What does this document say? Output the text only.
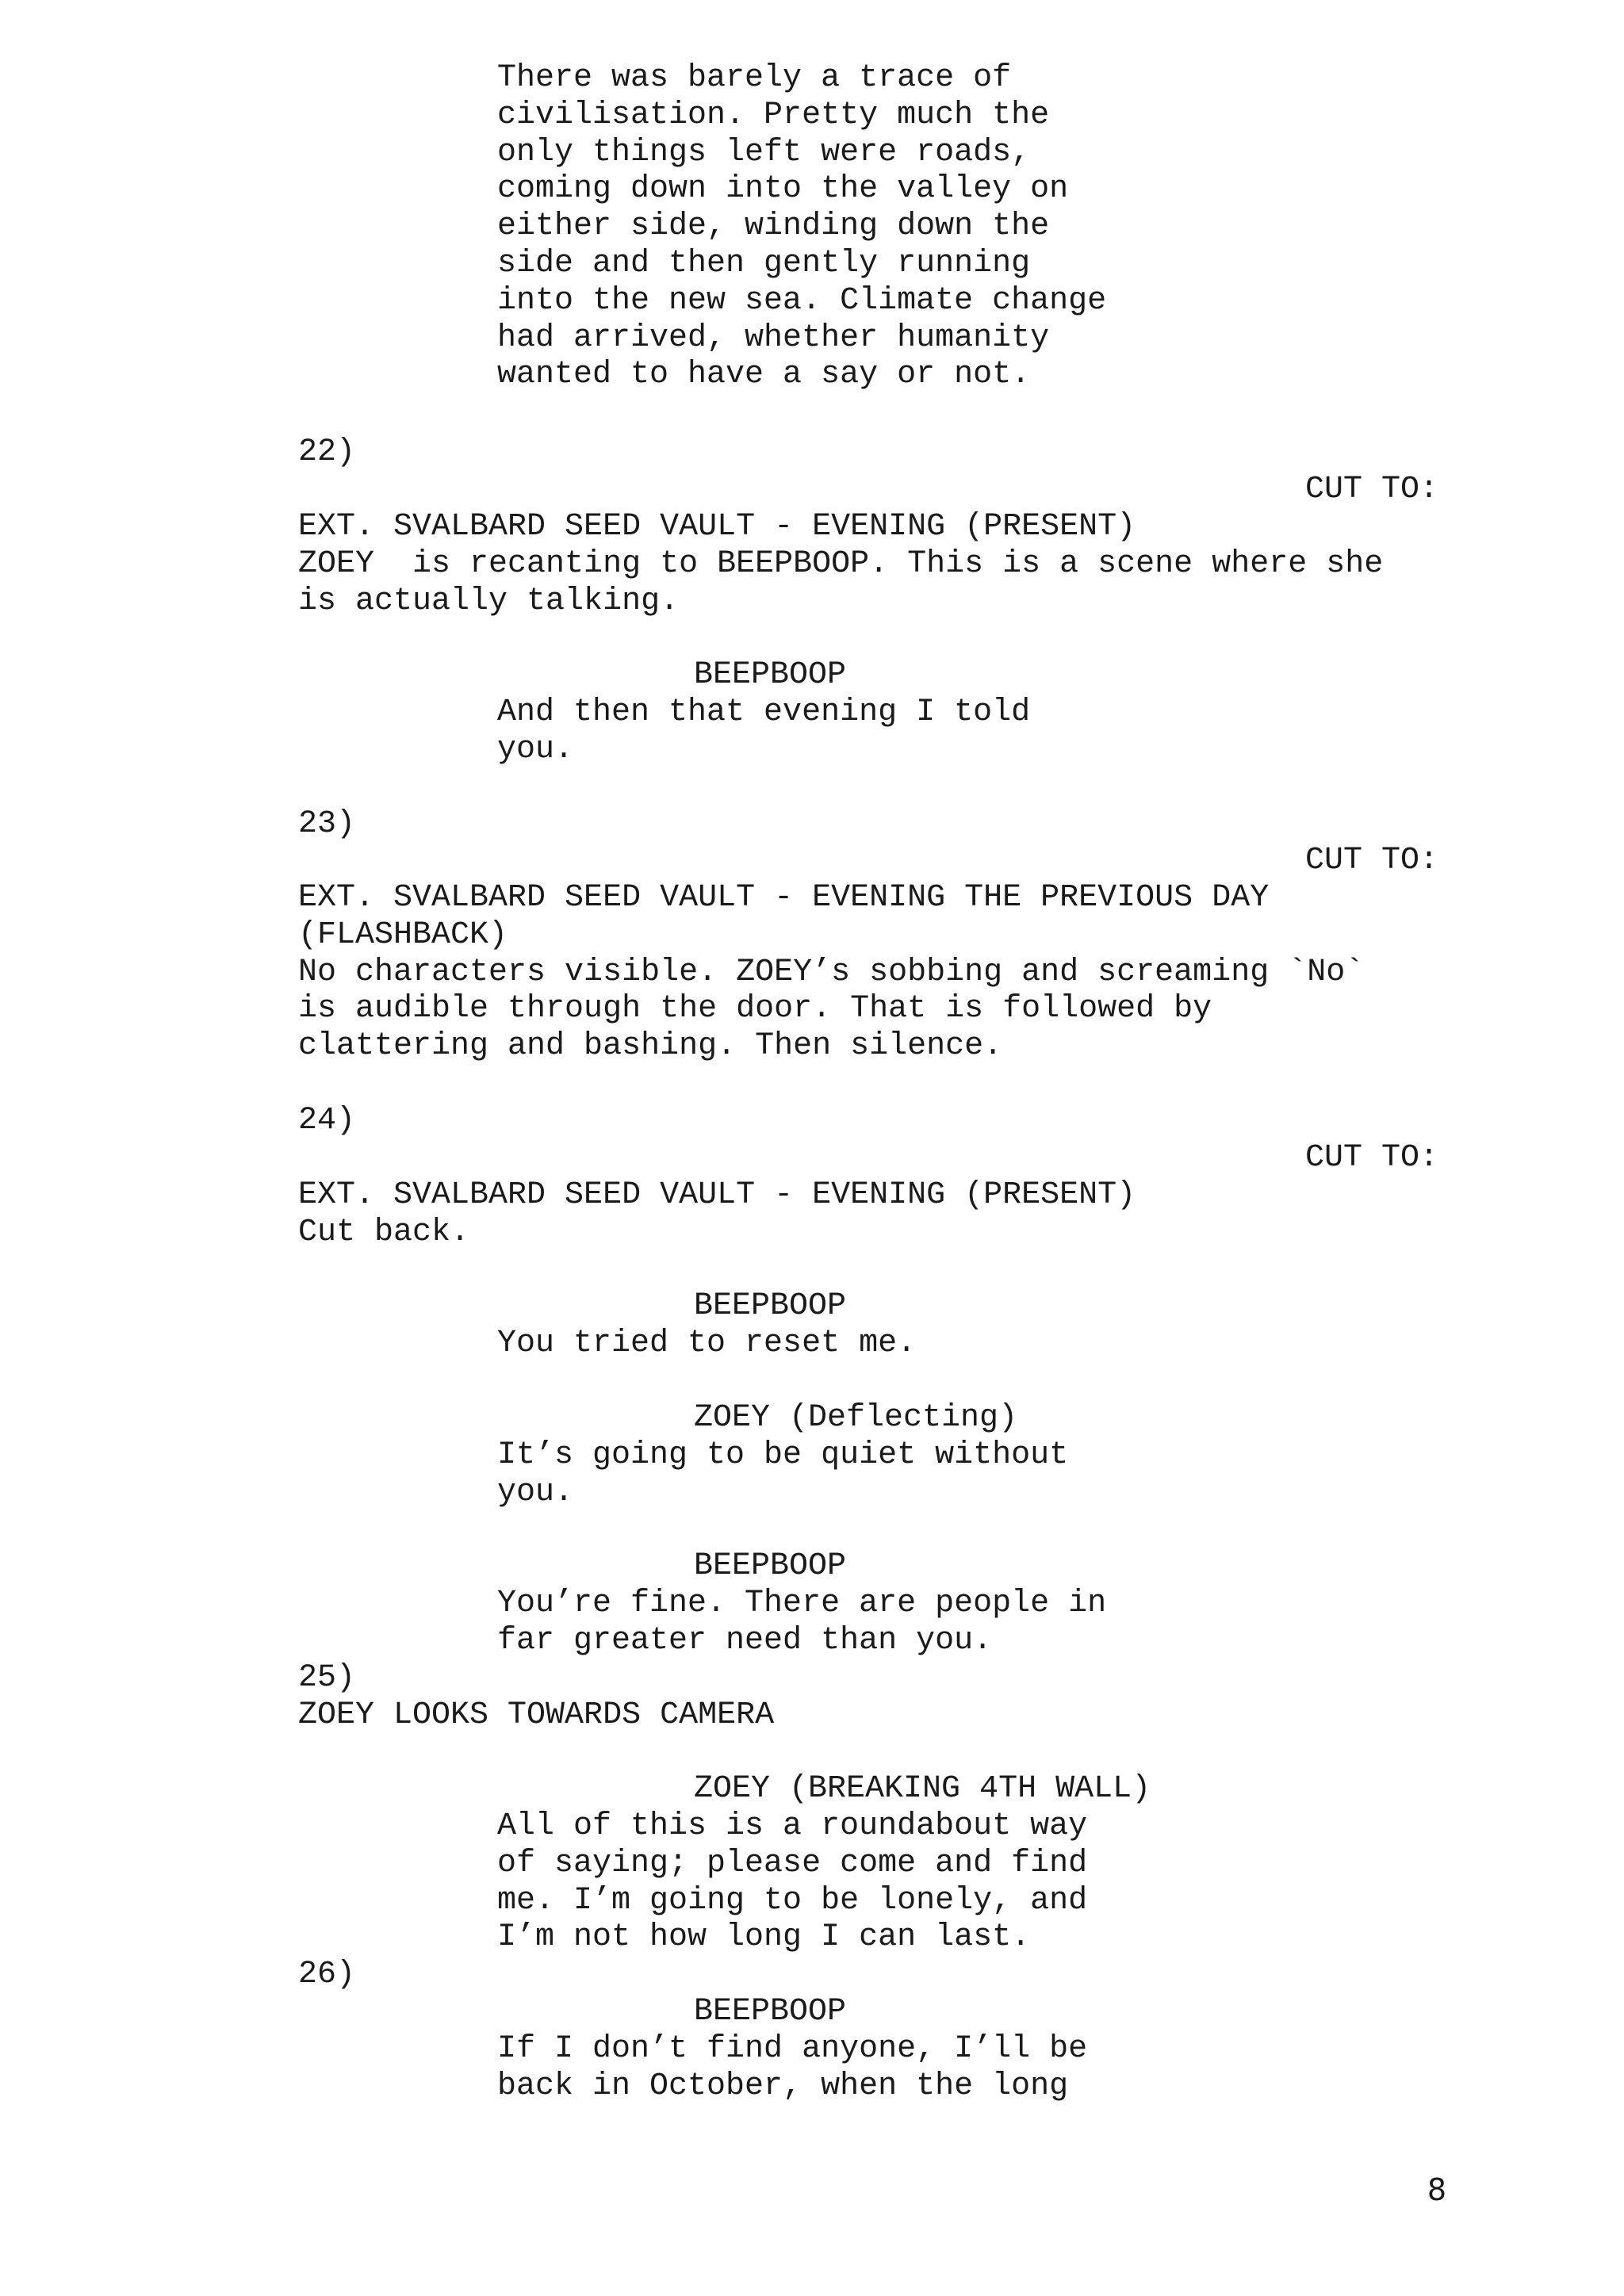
There was barely a trace of
civilisation. Pretty much the
only things left were roads,
coming down into the valley on
either side, winding down the
side and then gently running
into the new sea. Climate change
had arrived, whether humanity
wanted to have a say or not.
22)
CUT TO:
EXT. SVALBARD SEED VAULT - EVENING (PRESENT)
ZOEY  is recanting to BEEPBOOP. This is a scene where she
is actually talking.
BEEPBOOP
And then that evening I told
you.
23)
CUT TO:
EXT. SVALBARD SEED VAULT - EVENING THE PREVIOUS DAY
(FLASHBACK)
No characters visible. ZOEY’s sobbing and screaming `No`
is audible through the door. That is followed by
clattering and bashing. Then silence.
24)
CUT TO:
EXT. SVALBARD SEED VAULT - EVENING (PRESENT)
Cut back.
BEEPBOOP
You tried to reset me.
ZOEY (Deflecting)
It’s going to be quiet without
you.
BEEPBOOP
You’re fine. There are people in
far greater need than you.
25)
ZOEY LOOKS TOWARDS CAMERA
ZOEY (BREAKING 4TH WALL)
All of this is a roundabout way
of saying; please come and find
me. I’m going to be lonely, and
I’m not how long I can last.
26)
BEEPBOOP
If I don’t find anyone, I’ll be
back in October, when the long
8
